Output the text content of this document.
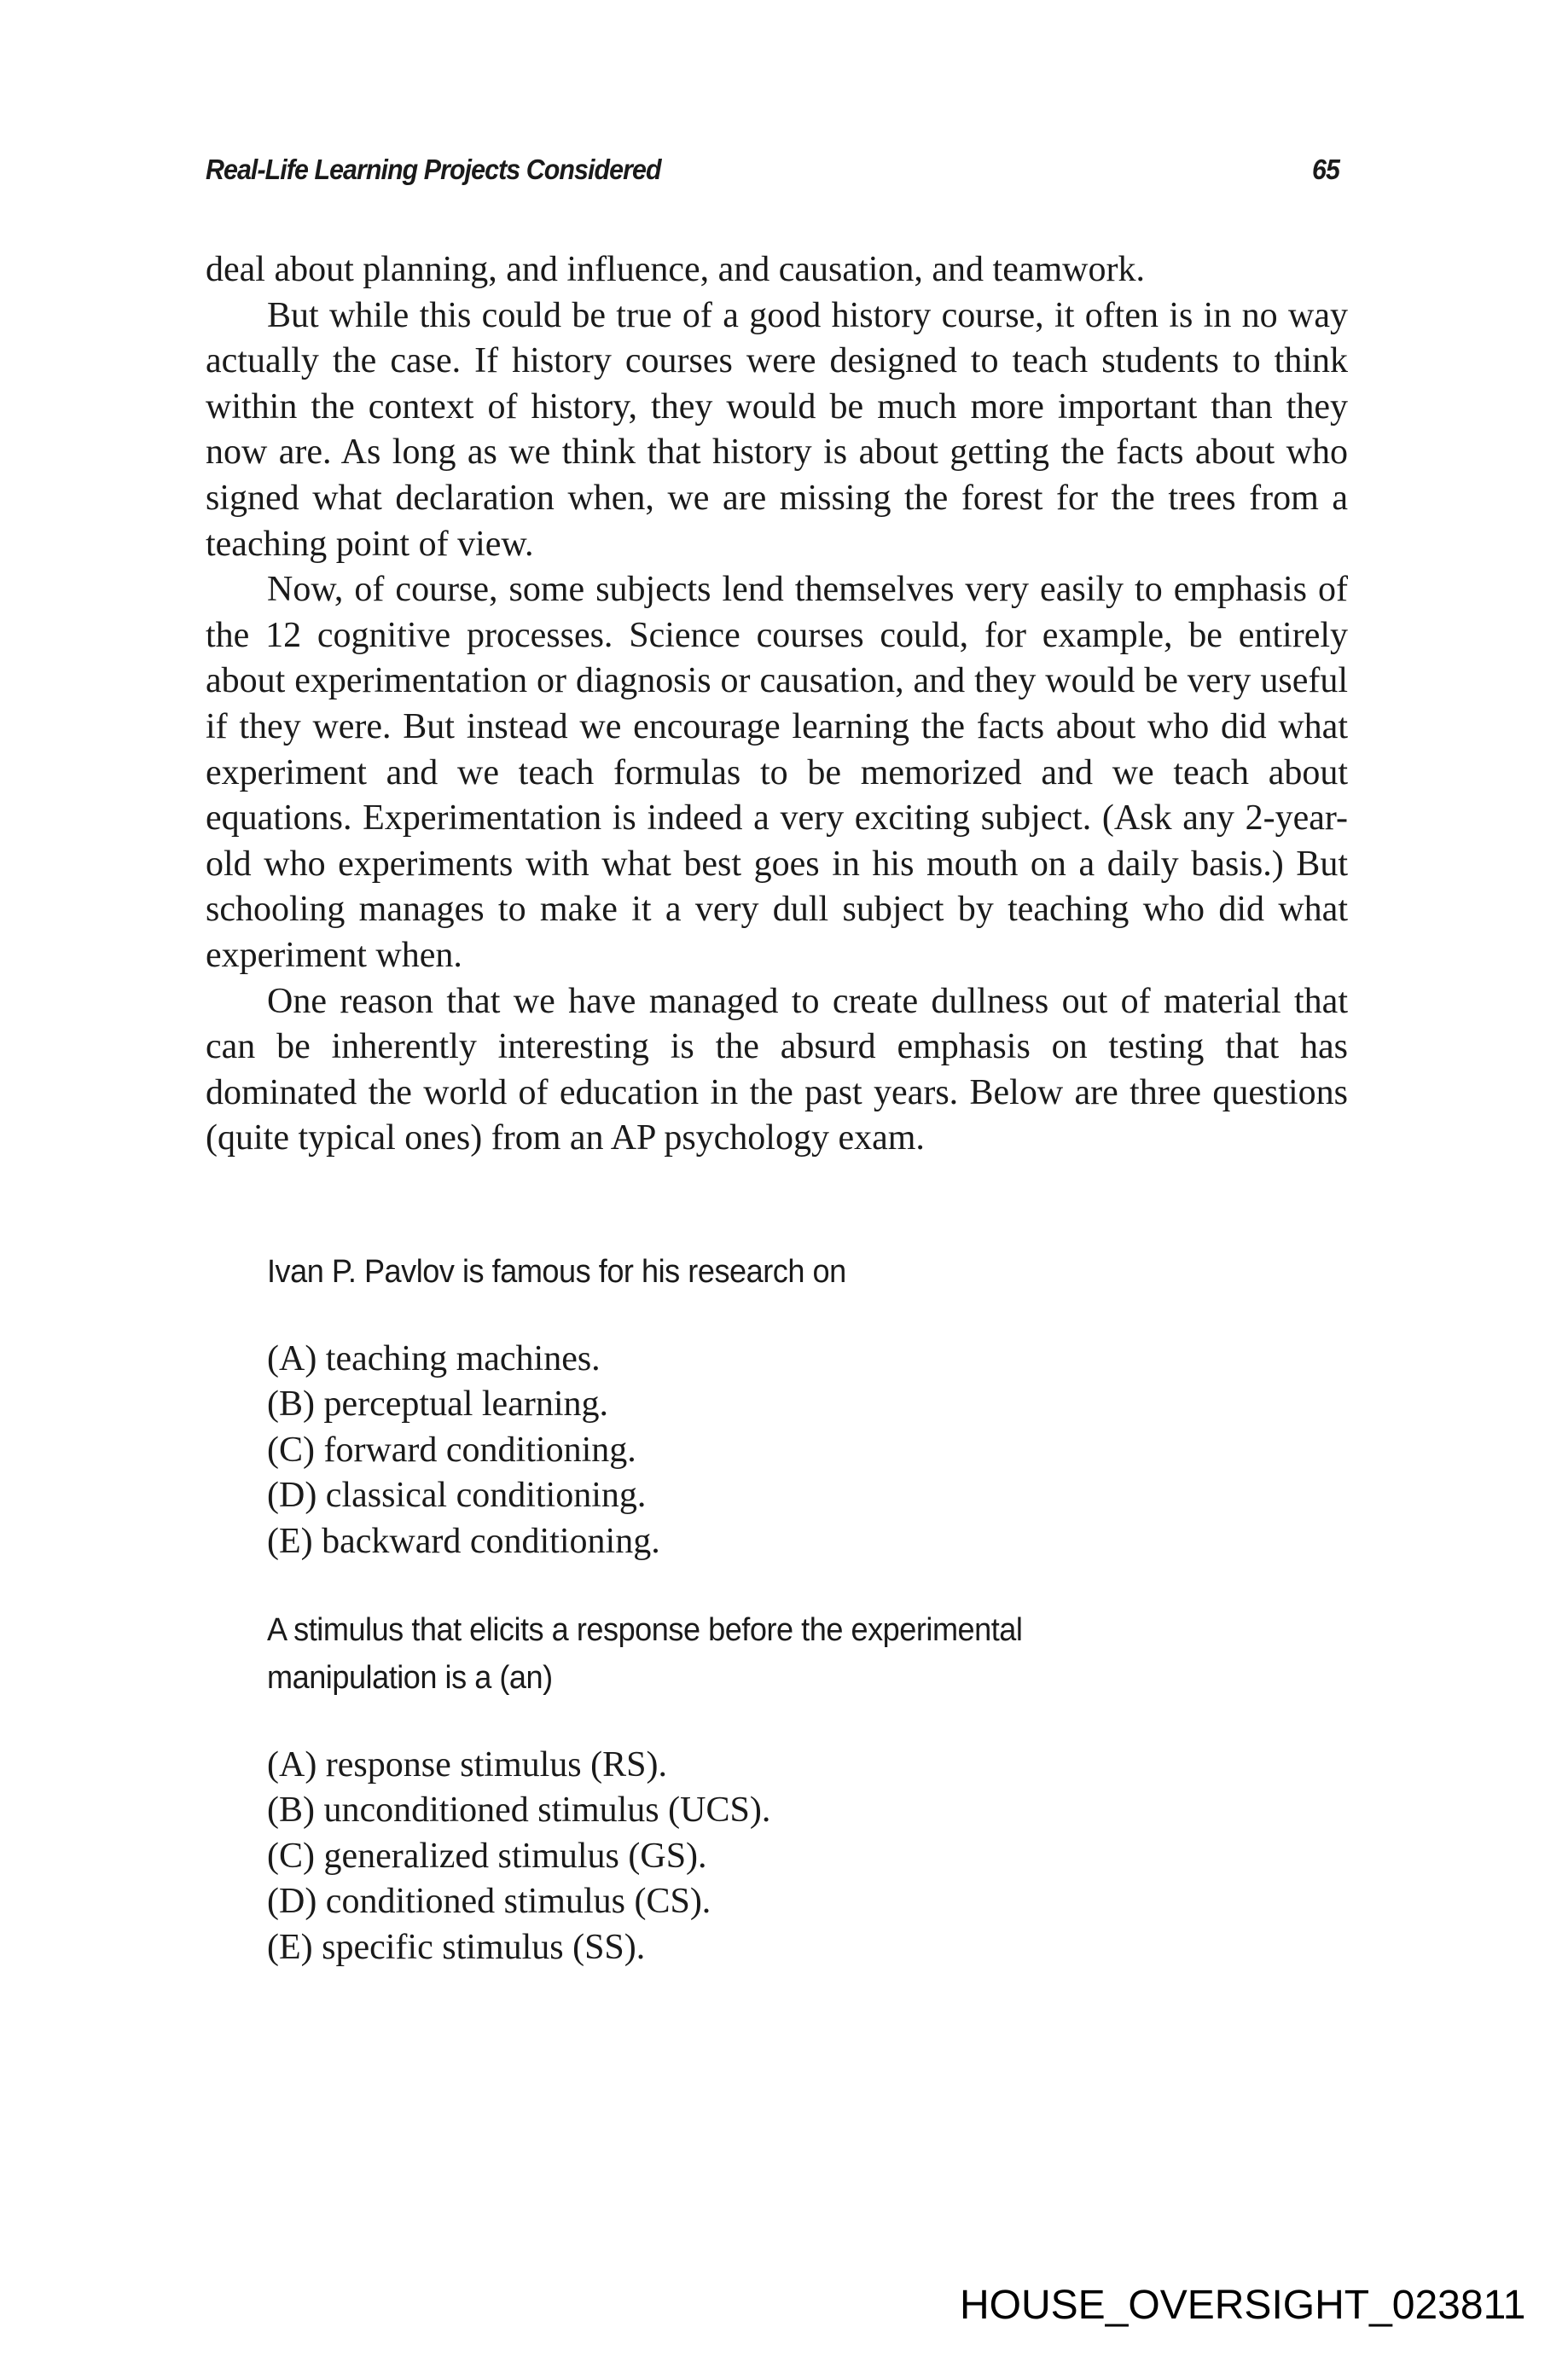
Real-Life Learning Projects Considered	65

deal about planning, and influence, and causation, and teamwork.

But while this could be true of a good history course, it often is in no way actually the case. If history courses were designed to teach students to think within the context of history, they would be much more important than they now are. As long as we think that history is about getting the facts about who signed what declaration when, we are missing the forest for the trees from a teaching point of view.

Now, of course, some subjects lend themselves very easily to emphasis of the 12 cognitive processes. Science courses could, for example, be entirely about experimentation or diagnosis or causation, and they would be very useful if they were. But instead we encourage learning the facts about who did what experiment and we teach formulas to be memorized and we teach about equations. Experimentation is indeed a very exciting subject. (Ask any 2-year-old who experiments with what best goes in his mouth on a daily basis.) But schooling manages to make it a very dull subject by teaching who did what experiment when.

One reason that we have managed to create dullness out of material that can be inherently interesting is the absurd emphasis on testing that has dominated the world of education in the past years. Below are three questions (quite typical ones) from an AP psychology exam.

Ivan P. Pavlov is famous for his research on
(A) teaching machines.
(B) perceptual learning.
(C) forward conditioning.
(D) classical conditioning.
(E) backward conditioning.
A stimulus that elicits a response before the experimental
manipulation is a (an)
(A) response stimulus (RS).
(B) unconditioned stimulus (UCS).
(C) generalized stimulus (GS).
(D) conditioned stimulus (CS).
(E) specific stimulus (SS).
HOUSE_OVERSIGHT_023811
